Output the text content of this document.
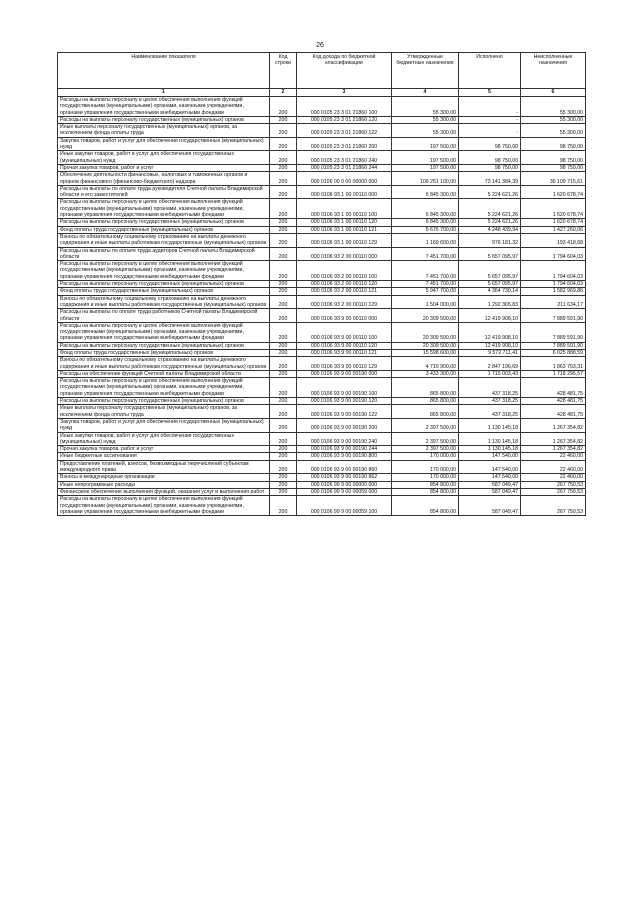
26
Наименование показателя	Код строки	Код дохода по бюджетной классификации	Утвержденные бюджетные назначения	Исполнено	Неисполненные назначения
1	2	3	4	5	6
Расходы на выплаты персоналу в целях обеспечения выполнения функций государственными (муниципальными) органами, казенными учреждениями, органами управления государственными внебюджетными фондами	200	000 0105 23 3 01 21860 100	55 300,00	-	55 300,00
Расходы на выплаты персоналу государственных (муниципальных) органов	200	000 0105 23 3 01 21860 120	55 300,00	-	55 300,00
Иные выплаты персоналу государственных (муниципальных) органов, за исключением фонда оплаты труда	200	000 0105 23 3 01 21860 122	55 300,00	-	55 300,00
Закупка товаров, работ и услуг для обеспечения государственных (муниципальных) нужд	200	000 0105 23 3 01 21860 200	197 500,00	98 750,00	98 750,00
Иные закупки товаров, работ и услуг для обеспечения государственных (муниципальных) нужд	200	000 0105 23 3 01 21860 240	197 500,00	98 750,00	98 750,00
Прочая закупка товаров, работ и услуг	200	000 0105 23 3 01 21860 244	197 500,00	98 750,00	98 750,00
Обеспечение деятельности финансовых, налоговых и таможенных органов и органов финансового (финансово-бюджетного) надзора	200	000 0106 00 0 00 00000 000	109 251 100,00	73 141 384,39	36 109 715,61
Расходы на выплаты по оплате труда руководителя Счетной палаты Владимирской области и его заместителей	200	000 0106 93 1 00 00110 000	6 845 300,00	5 224 621,26	1 620 678,74
Расходы на выплаты персоналу в целях обеспечения выполнения функций государственными (муниципальными) органами, казенными учреждениями, органами управления государственными внебюджетными фондами	200	000 0106 93 1 00 00110 100	6 845 300,00	5 224 621,26	1 620 678,74
Расходы на выплаты персоналу государственных (муниципальных) органов	200	000 0106 93 1 00 00110 120	6 845 300,00	5 224 621,26	1 620 678,74
Фонд оплаты труда государственных (муниципальных) органов	200	000 0106 93 1 00 00110 121	5 675 700,00	4 248 439,94	1 427 260,06
Взносы по обязательному социальному страхованию на выплаты денежного содержания и иные выплаты работникам государственных (муниципальных) органов	200	000 0106 93 1 00 00110 129	1 169 600,00	976 181,32	193 418,68
Расходы на выплаты по оплате труда аудиторов Счетной палаты Владимирской области	200	000 0106 93 2 00 00110 000	7 451 700,00	5 657 095,97	1 794 604,03
Расходы на выплаты персоналу в целях обеспечения выполнения функций государственными (муниципальными) органами, казенными учреждениями, органами управления государственными внебюджетными фондами	200	000 0106 93 2 00 00110 100	7 451 700,00	5 657 095,97	1 794 604,03
Расходы на выплаты персоналу государственных (муниципальных) органов	200	000 0106 93 2 00 00110 120	7 451 700,00	5 657 095,97	1 794 604,03
Фонд оплаты труда государственных (муниципальных) органов	200	000 0106 93 2 00 00110 121	5 947 700,00	4 364 730,14	1 582 969,86
Взносы по обязательному социальному страхованию на выплаты денежного содержания и иные выплаты работникам государственных (муниципальных) органов	200	000 0106 93 2 00 00110 129	1 504 000,00	1 292 365,83	211 634,17
Расходы на выплаты по оплате труда работников Счетной палаты Владимирской области	200	000 0106 93 9 00 00110 000	20 309 500,00	12 419 908,10	7 889 591,90
Расходы на выплаты персоналу в целях обеспечения выполнения функций государственными (муниципальными) органами, казенными учреждениями, органами управления государственными внебюджетными фондами	200	000 0106 93 9 00 00110 100	20 309 500,00	12 419 908,10	7 889 591,90
Расходы на выплаты персоналу государственных (муниципальных) органов	200	000 0106 93 9 00 00110 120	20 309 500,00	12 419 908,10	7 889 591,90
Фонд оплаты труда государственных (муниципальных) органов	200	000 0106 93 9 00 00110 121	15 598 600,00	9 572 711,41	6 025 888,59
Взносы по обязательному социальному страхованию на выплаты денежного содержания и иные выплаты работникам государственных (муниципальных) органов	200	000 0106 93 9 00 00110 129	4 710 900,00	2 847 196,69	1 863 703,31
Расходы на обеспечение функций Счетной палаты Владимирской области	200	000 0106 93 9 00 00190 000	3 433 300,00	1 715 003,43	1 718 296,57
Расходы на выплаты персоналу в целях обеспечения выполнения функций государственными (муниципальными) органами, казенными учреждениями, органами управления государственными внебюджетными фондами	200	000 0106 93 9 00 00190 100	865 800,00	437 318,25	428 481,75
Расходы на выплаты персоналу государственных (муниципальных) органов	200	000 0106 93 9 00 00190 120	865 800,00	437 318,25	428 481,75
Иные выплаты персоналу государственных (муниципальных) органов, за исключением фонда оплаты труда	200	000 0106 93 9 00 00190 122	865 800,00	437 318,25	428 481,75
Закупка товаров, работ и услуг для обеспечения государственных (муниципальных) нужд	200	000 0106 93 9 00 00190 200	2 397 500,00	1 130 145,18	1 267 354,82
Иные закупки товаров, работ и услуг для обеспечения государственных (муниципальных) нужд	200	000 0106 93 9 00 00190 240	2 397 500,00	1 130 145,18	1 267 354,82
Прочая закупка товаров, работ и услуг	200	000 0106 93 9 00 00190 244	2 397 500,00	1 130 145,18	1 267 354,82
Иные бюджетные ассигнования	200	000 0106 93 9 00 00190 800	170 000,00	147 540,00	22 460,00
Предоставление платежей, взносов, безвозмездных перечислений субъектам международного права	200	000 0106 93 9 00 00190 860	170 000,00	147 540,00	22 460,00
Взносы в международные организации	200	000 0106 93 9 00 00190 862	170 000,00	147 540,00	22 460,00
Иные непрограммные расходы	200	000 0106 99 9 00 00000 000	854 800,00	587 049,47	267 750,53
Финансовое обеспечение выполнения функций, оказания услуг и выполнения работ	200	000 0106 99 9 00 00059 000	854 800,00	587 049,47	267 750,53
Расходы на выплаты персоналу в целях обеспечения выполнения функций государственными (муниципальными) органами, казенными учреждениями, органами управления государственными внебюджетными фондами	200	000 0106 99 9 00 00059 100	854 800,00	587 049,47	267 750,53
